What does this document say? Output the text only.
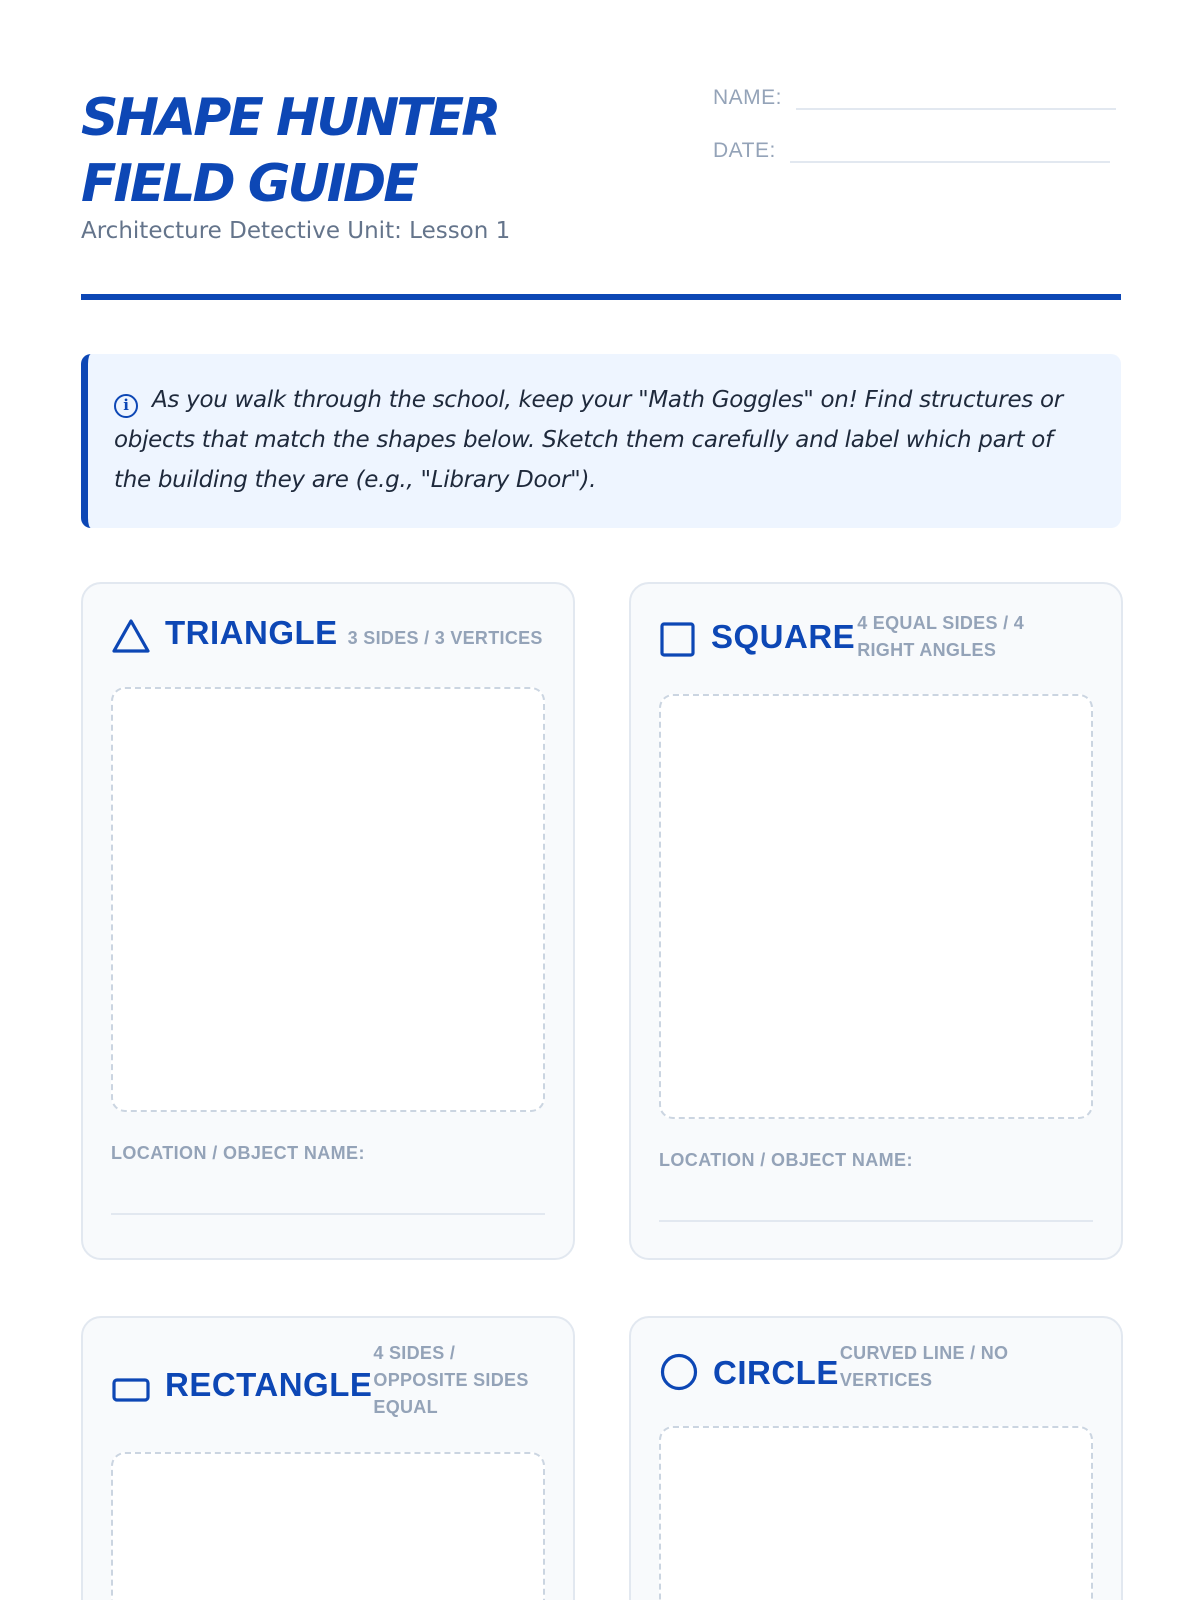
SHAPE HUNTER
FIELD GUIDE
Architecture Detective Unit: Lesson 1
NAME:
DATE:

i As you walk through the school, keep your "Math Goggles" on! Find structures or objects that match the shapes below. Sketch them carefully and label which part of the building they are (e.g., "Library Door").

TRIANGLE 3 SIDES / 3 VERTICES
LOCATION / OBJECT NAME:
SQUARE 4 EQUAL SIDES / 4 RIGHT ANGLES
LOCATION / OBJECT NAME:
RECTANGLE
4 SIDES / OPPOSITE SIDES EQUAL
CIRCLE
CURVED LINE / NO VERTICES
